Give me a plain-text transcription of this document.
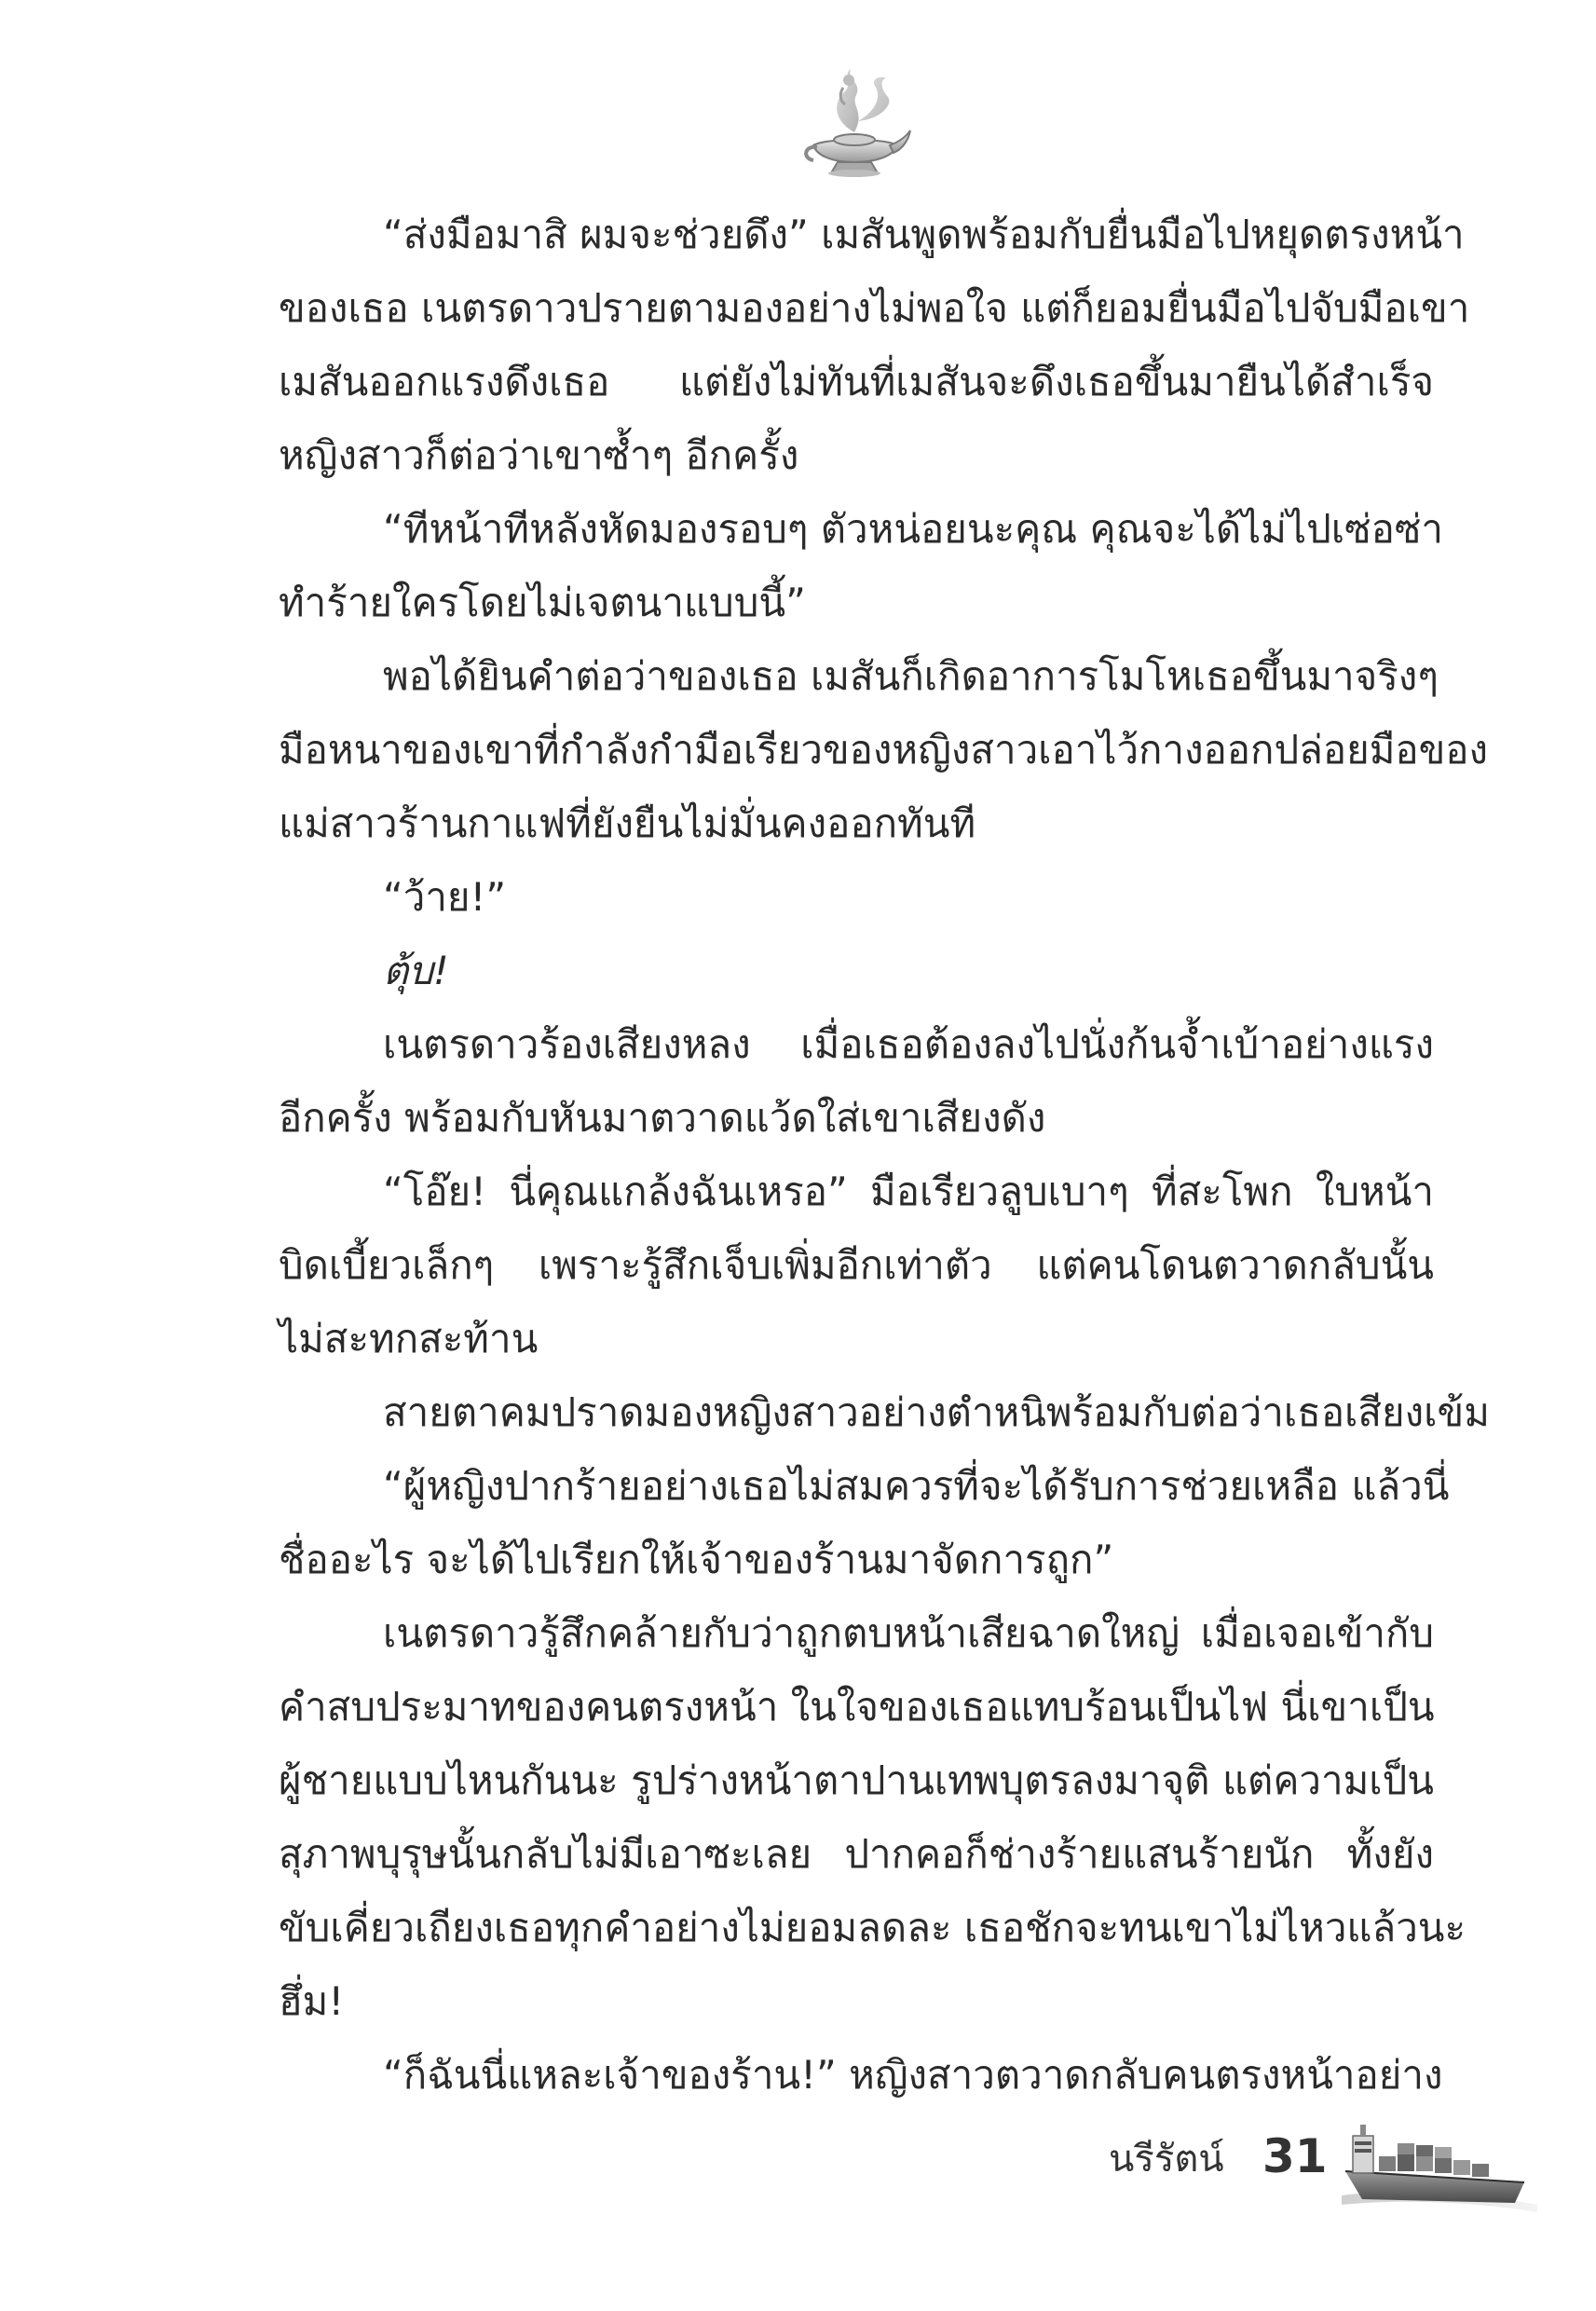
“ส่งมือมาสิ ผมจะช่วยดึง” เมสันพูดพร้อมกับยื่นมือไปหยุดตรงหน้า
ของเธอ เนตรดาวปรายตามองอย่างไม่พอใจ แต่ก็ยอมยื่นมือไปจับมือเขา
เมสันออกแรงดึงเธอ แต่ยังไม่ทันที่เมสันจะดึงเธอขึ้นมายืนได้สำเร็จ
หญิงสาวก็ต่อว่าเขาซ้ำๆ อีกครั้ง
“ทีหน้าทีหลังหัดมองรอบๆ ตัวหน่อยนะคุณ คุณจะได้ไม่ไปเซ่อซ่า
ทำร้ายใครโดยไม่เจตนาแบบนี้”
พอได้ยินคำต่อว่าของเธอ เมสันก็เกิดอาการโมโหเธอขึ้นมาจริงๆ
มือหนาของเขาที่กำลังกำมือเรียวของหญิงสาวเอาไว้กางออกปล่อยมือของ
แม่สาวร้านกาแฟที่ยังยืนไม่มั่นคงออกทันที
“ว้าย!”
ตุ้บ!
เนตรดาวร้องเสียงหลง เมื่อเธอต้องลงไปนั่งก้นจ้ำเบ้าอย่างแรง
อีกครั้ง พร้อมกับหันมาตวาดแว้ดใส่เขาเสียงดัง
“โอ๊ย! นี่คุณแกล้งฉันเหรอ” มือเรียวลูบเบาๆ ที่สะโพก ใบหน้า
บิดเบี้ยวเล็กๆ เพราะรู้สึกเจ็บเพิ่มอีกเท่าตัว แต่คนโดนตวาดกลับนั้น
ไม่สะทกสะท้าน
สายตาคมปราดมองหญิงสาวอย่างตำหนิพร้อมกับต่อว่าเธอเสียงเข้ม
“ผู้หญิงปากร้ายอย่างเธอไม่สมควรที่จะได้รับการช่วยเหลือ แล้วนี่
ชื่ออะไร จะได้ไปเรียกให้เจ้าของร้านมาจัดการถูก”
เนตรดาวรู้สึกคล้ายกับว่าถูกตบหน้าเสียฉาดใหญ่ เมื่อเจอเข้ากับ
คำสบประมาทของคนตรงหน้า ในใจของเธอแทบร้อนเป็นไฟ นี่เขาเป็น
ผู้ชายแบบไหนกันนะ รูปร่างหน้าตาปานเทพบุตรลงมาจุติ แต่ความเป็น
สุภาพบุรุษนั้นกลับไม่มีเอาซะเลย ปากคอก็ช่างร้ายแสนร้ายนัก ทั้งยัง
ขับเคี่ยวเถียงเธอทุกคำอย่างไม่ยอมลดละ เธอชักจะทนเขาไม่ไหวแล้วนะ
ฮึ่ม!
“ก็ฉันนี่แหละเจ้าของร้าน!” หญิงสาวตวาดกลับคนตรงหน้าอย่าง
นรีรัตน์ 31
